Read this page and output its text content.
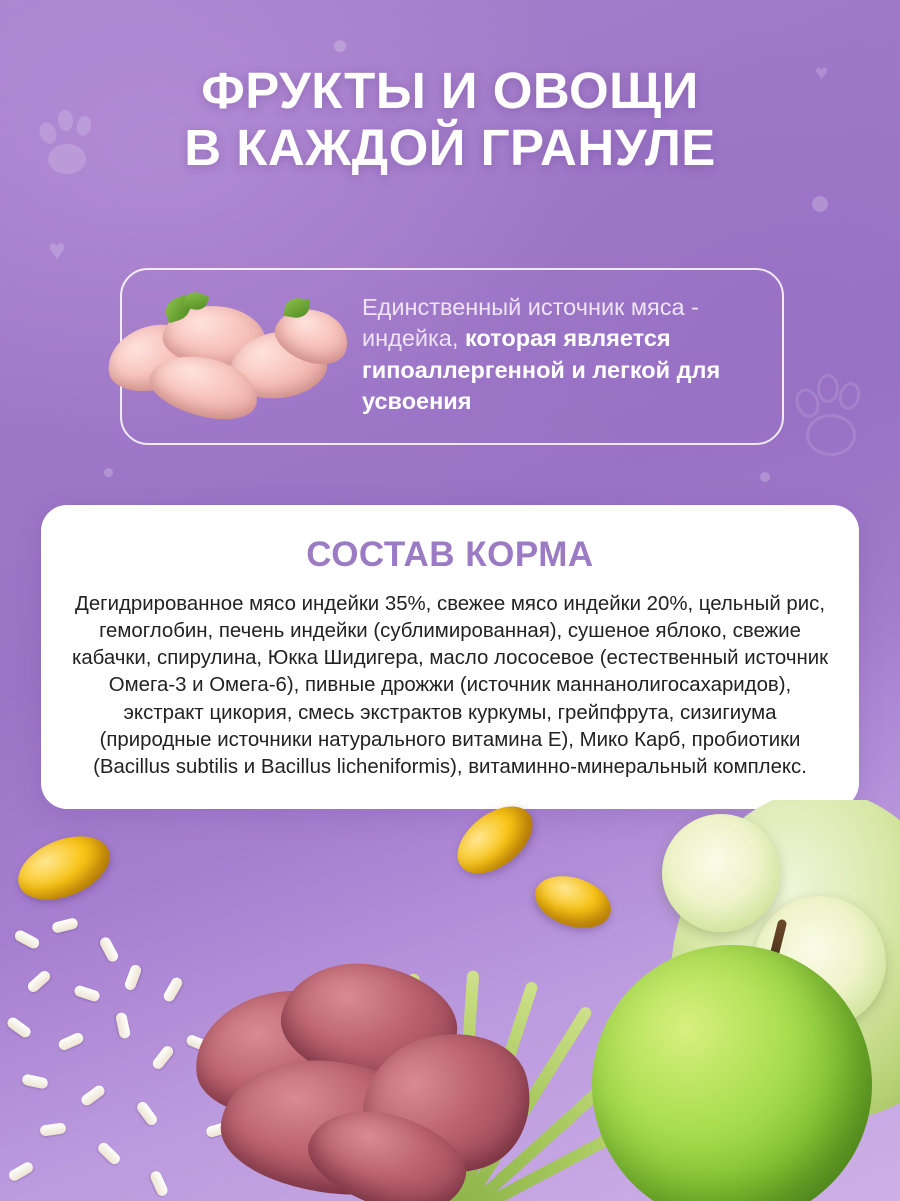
♥
♥
ФРУКТЫ И ОВОЩИ
В КАЖДОЙ ГРАНУЛЕ
Единственный источник мяса - индейка, которая является гипоаллергенной и легкой для усвоения
СОСТАВ КОРМА
Дегидрированное мясо индейки 35%, свежее мясо индейки 20%, цельный рис, гемоглобин, печень индейки (сублимированная), сушеное яблоко, свежие кабачки, спирулина, Юкка Шидигера, масло лососевое (естественный источник Омега-3 и Омега-6), пивные дрожжи (источник маннанолигосахаридов), экстракт цикория, смесь экстрактов куркумы, грейпфрута, сизигиума (природные источники натурального витамина Е), Мико Карб, пробиотики (Bacillus subtilis и Bacillus licheniformis), витаминно-минеральный комплекс.
